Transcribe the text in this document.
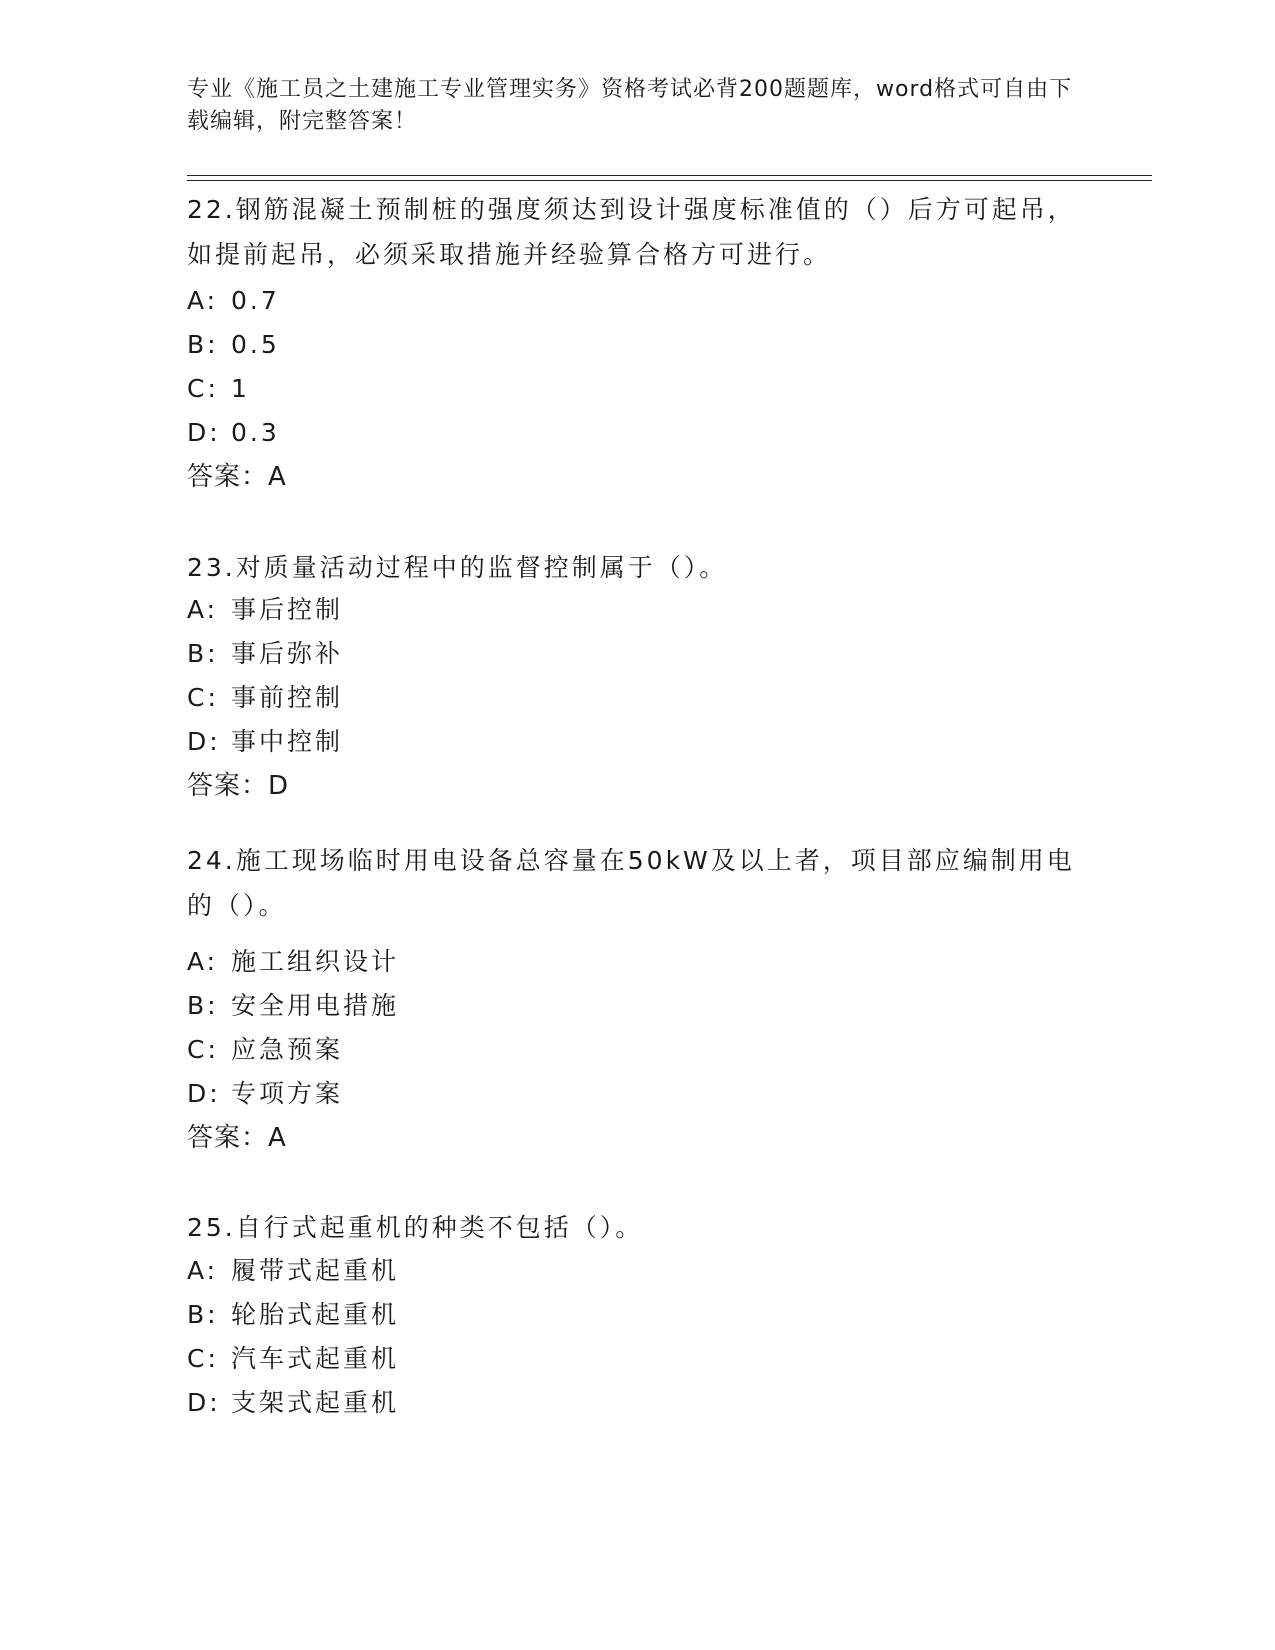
专业《施工员之土建施工专业管理实务》资格考试必背200题题库，word格式可自由下载编辑，附完整答案！
22.钢筋混凝土预制桩的强度须达到设计强度标准值的（）后方可起吊，如提前起吊，必须采取措施并经验算合格方可进行。
A: 0.7
B: 0.5
C: 1
D: 0.3
答案：A
23.对质量活动过程中的监督控制属于（）。
A: 事后控制
B: 事后弥补
C: 事前控制
D: 事中控制
答案：D
24.施工现场临时用电设备总容量在50kW及以上者，项目部应编制用电的（）。
A: 施工组织设计
B: 安全用电措施
C: 应急预案
D: 专项方案
答案：A
25.自行式起重机的种类不包括（）。
A: 履带式起重机
B: 轮胎式起重机
C: 汽车式起重机
D: 支架式起重机
